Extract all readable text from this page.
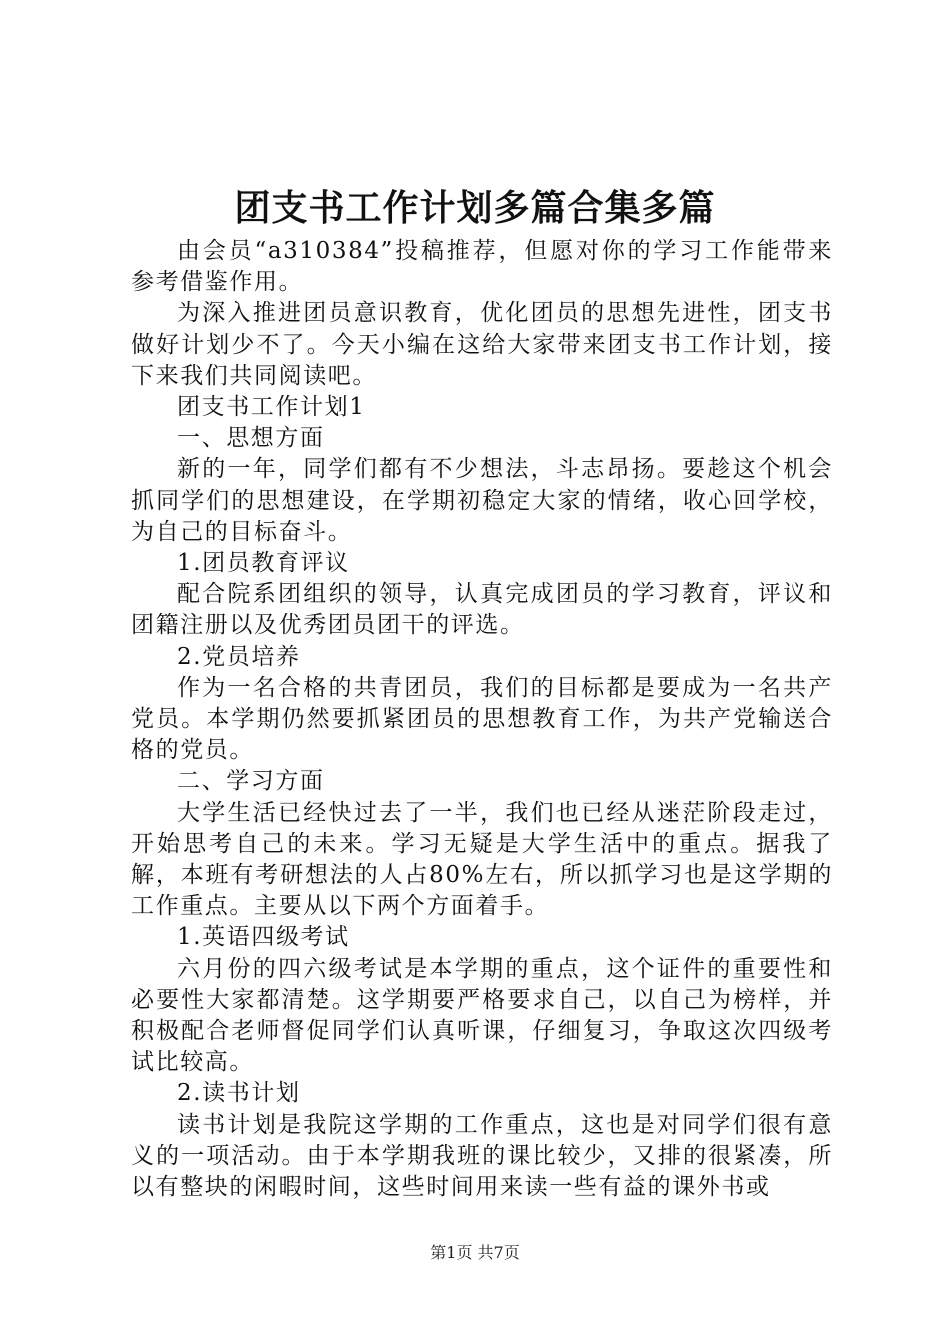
团支书工作计划多篇合集多篇

由会员“a310384”投稿推荐，但愿对你的学习工作能带来参考借鉴作用。

为深入推进团员意识教育，优化团员的思想先进性，团支书做好计划少不了。今天小编在这给大家带来团支书工作计划，接下来我们共同阅读吧。

团支书工作计划1

一、思想方面

新的一年，同学们都有不少想法，斗志昂扬。要趁这个机会抓同学们的思想建设，在学期初稳定大家的情绪，收心回学校，为自己的目标奋斗。

1.团员教育评议

配合院系团组织的领导，认真完成团员的学习教育，评议和团籍注册以及优秀团员团干的评选。

2.党员培养

作为一名合格的共青团员，我们的目标都是要成为一名共产党员。本学期仍然要抓紧团员的思想教育工作，为共产党输送合格的党员。

二、学习方面

大学生活已经快过去了一半，我们也已经从迷茫阶段走过，开始思考自己的未来。学习无疑是大学生活中的重点。据我了解，本班有考研想法的人占80%左右，所以抓学习也是这学期的工作重点。主要从以下两个方面着手。

1.英语四级考试

六月份的四六级考试是本学期的重点，这个证件的重要性和必要性大家都清楚。这学期要严格要求自己，以自己为榜样，并积极配合老师督促同学们认真听课，仔细复习，争取这次四级考试比较高。

2.读书计划

读书计划是我院这学期的工作重点，这也是对同学们很有意义的一项活动。由于本学期我班的课比较少，又排的很紧凑，所以有整块的闲暇时间，这些时间用来读一些有益的课外书或

第1页 共7页
